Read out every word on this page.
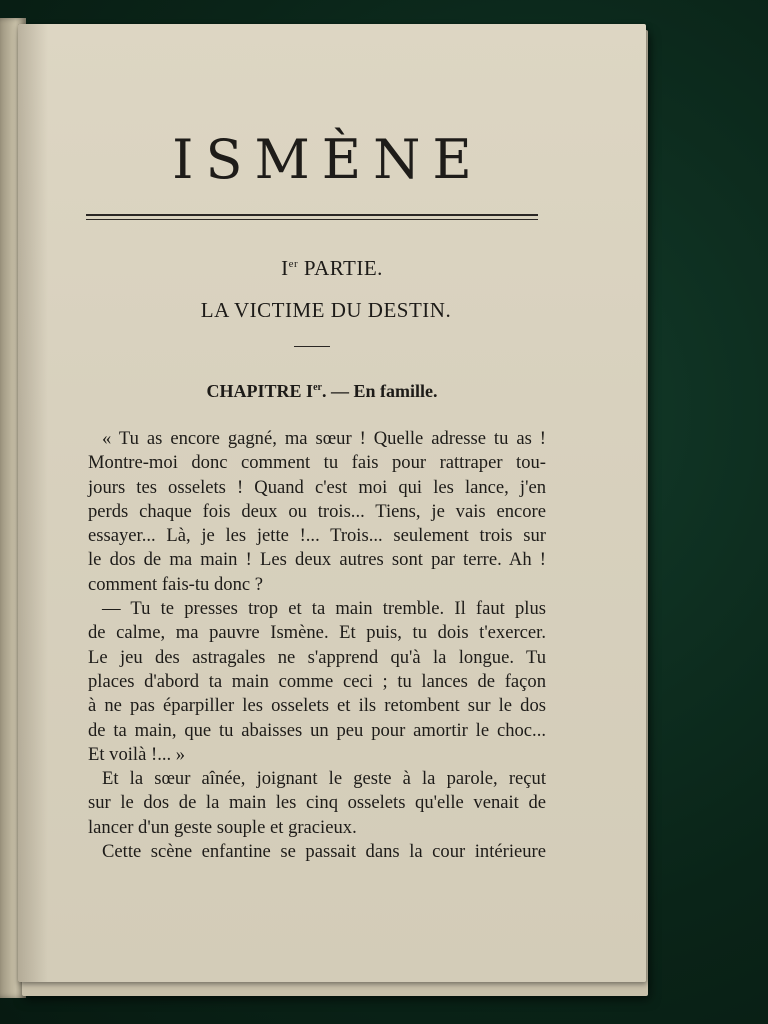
ISMÈNE
Ier PARTIE.
LA VICTIME DU DESTIN.
CHAPITRE Ier. — En famille.
« Tu as encore gagné, ma sœur ! Quelle adresse tu as !
Montre-moi donc comment tu fais pour rattraper tou-
jours tes osselets ! Quand c'est moi qui les lance, j'en
perds chaque fois deux ou trois... Tiens, je vais encore
essayer... Là, je les jette !... Trois... seulement trois sur
le dos de ma main ! Les deux autres sont par terre. Ah !
comment fais-tu donc ?
— Tu te presses trop et ta main tremble. Il faut plus
de calme, ma pauvre Ismène. Et puis, tu dois t'exercer.
Le jeu des astragales ne s'apprend qu'à la longue. Tu
places d'abord ta main comme ceci ; tu lances de façon
à ne pas éparpiller les osselets et ils retombent sur le dos
de ta main, que tu abaisses un peu pour amortir le choc...
Et voilà !... »
Et la sœur aînée, joignant le geste à la parole, reçut
sur le dos de la main les cinq osselets qu'elle venait de
lancer d'un geste souple et gracieux.
Cette scène enfantine se passait dans la cour intérieure
